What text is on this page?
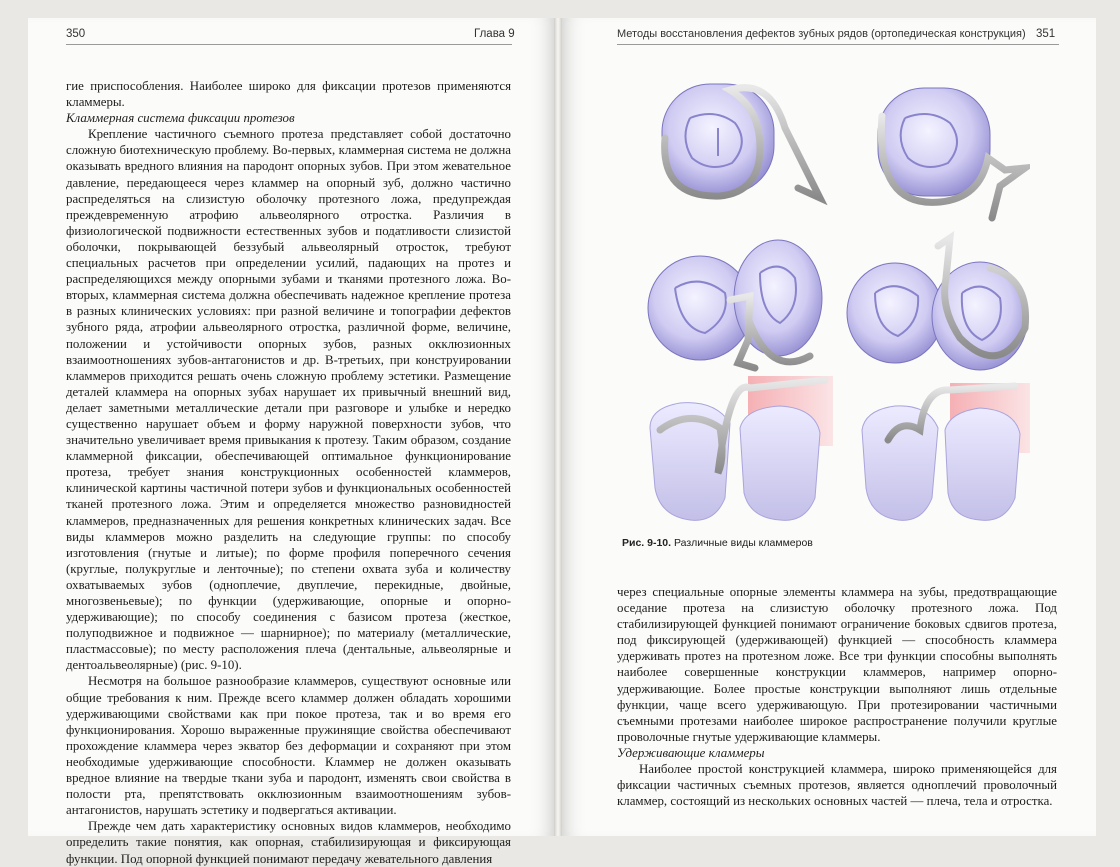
350	Глава 9	Методы восстановления дефектов зубных рядов (ортопедическая конструкция) 351

гие приспособления. Наиболее широко для фиксации протезов применяются кламмеры.

Кламмерная система фиксации протезов

Крепление частичного съемного протеза представляет собой достаточно сложную биотехническую проблему. Во-первых, кламмерная система не должна оказывать вредного влияния на пародонт опорных зубов. При этом жевательное давление, передающееся через кламмер на опорный зуб, должно частично распределяться на слизистую оболочку протезного ложа, предупреждая преждевременную атрофию альвеолярного отростка. Различия в физиологической подвижности естественных зубов и податливости слизистой оболочки, покрывающей беззубый альвеолярный отросток, требуют специальных расчетов при определении усилий, падающих на протез и распределяющихся между опорными зубами и тканями протезного ложа. Во-вторых, кламмерная система должна обеспечивать надежное крепление протеза в разных клинических условиях: при разной величине и топографии дефектов зубного ряда, атрофии альвеолярного отростка, различной форме, величине, положении и устойчивости опорных зубов, разных окклюзионных взаимоотношениях зубов-антагонистов и др. В-третьих, при конструировании кламмеров приходится решать очень сложную проблему эстетики. Размещение деталей кламмера на опорных зубах нарушает их привычный внешний вид, делает заметными металлические детали при разговоре и улыбке и нередко существенно нарушает объем и форму наружной поверхности зубов, что значительно увеличивает время привыкания к протезу. Таким образом, создание кламмерной фиксации, обеспечивающей оптимальное функционирование протеза, требует знания конструкционных особенностей кламмеров, клинической картины частичной потери зубов и функциональных особенностей тканей протезного ложа. Этим и определяется множество разновидностей кламмеров, предназначенных для решения конкретных клинических задач. Все виды кламмеров можно разделить на следующие группы: по способу изготовления (гнутые и литые); по форме профиля поперечного сечения (круглые, полукруглые и ленточные); по степени охвата зуба и количеству охватываемых зубов (одноплечие, двуплечие, перекидные, двойные, многозвеньевые); по функции (удерживающие, опорные и опорно-удерживающие); по способу соединения с базисом протеза (жесткое, полуподвижное и подвижное — шарнирное); по материалу (металлические, пластмассовые); по месту расположения плеча (дентальные, альвеолярные и дентоальвеолярные) (рис. 9-10).

Несмотря на большое разнообразие кламмеров, существуют основные или общие требования к ним. Прежде всего кламмер должен обладать хорошими удерживающими свойствами как при покое протеза, так и во время его функционирования. Хорошо выраженные пружинящие свойства обеспечивают прохождение кламмера через экватор без деформации и сохраняют при этом необходимые удерживающие способности. Кламмер не должен оказывать вредное влияние на твердые ткани зуба и пародонт, изменять свои свойства в полости рта, препятствовать окклюзионным взаимоотношениям зубов-антагонистов, нарушать эстетику и подвергаться активации.

Прежде чем дать характеристику основных видов кламмеров, необходимо определить такие понятия, как опорная, стабилизирующая и фиксирующая функции. Под опорной функцией понимают передачу жевательного давления

Рис. 9-10. Различные виды кламмеров

через специальные опорные элементы кламмера на зубы, предотвращающие оседание протеза на слизистую оболочку протезного ложа. Под стабилизирующей функцией понимают ограничение боковых сдвигов протеза, под фиксирующей (удерживающей) функцией — способность кламмера удерживать протез на протезном ложе. Все три функции способны выполнять наиболее совершенные конструкции кламмеров, например опорно-удерживающие. Более простые конструкции выполняют лишь отдельные функции, чаще всего удерживающую. При протезировании частичными съемными протезами наиболее широкое распространение получили круглые проволочные гнутые удерживающие кламмеры.

Удерживающие кламмеры

Наиболее простой конструкцией кламмера, широко применяющейся для фиксации частичных съемных протезов, является одноплечий проволочный кламмер, состоящий из нескольких основных частей — плеча, тела и отростка.
